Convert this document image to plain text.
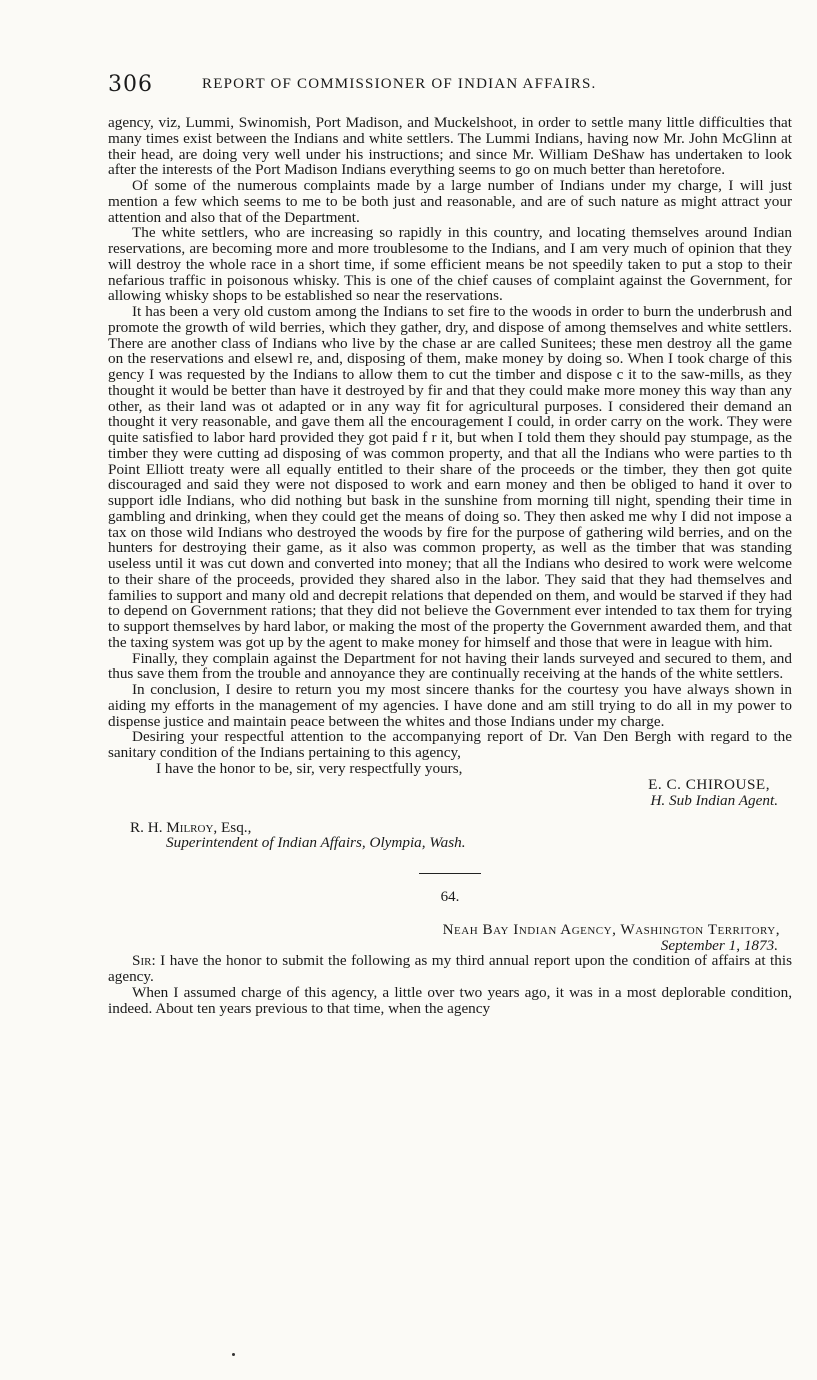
306	REPORT OF COMMISSIONER OF INDIAN AFFAIRS.

agency, viz, Lummi, Swinomish, Port Madison, and Muckelshoot, in order to settle many little difficulties that many times exist between the Indians and white settlers. The Lummi Indians, having now Mr. John McGlinn at their head, are doing very well under his instructions; and since Mr. William DeShaw has undertaken to look after the interests of the Port Madison Indians everything seems to go on much better than heretofore.

Of some of the numerous complaints made by a large number of Indians under my charge, I will just mention a few which seems to me to be both just and reasonable, and are of such nature as might attract your attention and also that of the Department.

The white settlers, who are increasing so rapidly in this country, and locating themselves around Indian reservations, are becoming more and more troublesome to the Indians, and I am very much of opinion that they will destroy the whole race in a short time, if some efficient means be not speedily taken to put a stop to their nefarious traffic in poisonous whisky. This is one of the chief causes of complaint against the Government, for allowing whisky shops to be established so near the reservations.

It has been a very old custom among the Indians to set fire to the woods in order to burn the underbrush and promote the growth of wild berries, which they gather, dry, and dispose of among themselves and white settlers. There are another class of Indians who live by the chase ar are called Sunitees; these men destroy all the game on the reservations and elsewl re, and, disposing of them, make money by doing so. When I took charge of this gency I was requested by the Indians to allow them to cut the timber and dispose c it to the saw-mills, as they thought it would be better than have it destroyed by fir and that they could make more money this way than any other, as their land was ot adapted or in any way fit for agricultural purposes. I considered their demand an thought it very reasonable, and gave them all the encouragement I could, in order carry on the work. They were quite satisfied to labor hard provided they got paid f r it, but when I told them they should pay stumpage, as the timber they were cutting ad disposing of was common property, and that all the Indians who were parties to th Point Elliott treaty were all equally entitled to their share of the proceeds or the timber, they then got quite discouraged and said they were not disposed to work and earn money and then be obliged to hand it over to support idle Indians, who did nothing but bask in the sunshine from morning till night, spending their time in gambling and drinking, when they could get the means of doing so. They then asked me why I did not impose a tax on those wild Indians who destroyed the woods by fire for the purpose of gathering wild berries, and on the hunters for destroying their game, as it also was common property, as well as the timber that was standing useless until it was cut down and converted into money; that all the Indians who desired to work were welcome to their share of the proceeds, provided they shared also in the labor. They said that they had themselves and families to support and many old and decrepit relations that depended on them, and would be starved if they had to depend on Government rations; that they did not believe the Government ever intended to tax them for trying to support themselves by hard labor, or making the most of the property the Government awarded them, and that the taxing system was got up by the agent to make money for himself and those that were in league with him.

Finally, they complain against the Department for not having their lands surveyed and secured to them, and thus save them from the trouble and annoyance they are continually receiving at the hands of the white settlers.

In conclusion, I desire to return you my most sincere thanks for the courtesy you have always shown in aiding my efforts in the management of my agencies. I have done and am still trying to do all in my power to dispense justice and maintain peace between the whites and those Indians under my charge.

Desiring your respectful attention to the accompanying report of Dr. Van Den Bergh with regard to the sanitary condition of the Indians pertaining to this agency,

I have the honor to be, sir, very respectfully yours,

E. C. CHIROUSE,
H. Sub Indian Agent.
R. H. Milroy, Esq.,
Superintendent of Indian Affairs, Olympia, Wash.
64.
Neah Bay Indian Agency, Washington Territory,
September 1, 1873.

Sir: I have the honor to submit the following as my third annual report upon the condition of affairs at this agency.

When I assumed charge of this agency, a little over two years ago, it was in a most deplorable condition, indeed. About ten years previous to that time, when the agency
